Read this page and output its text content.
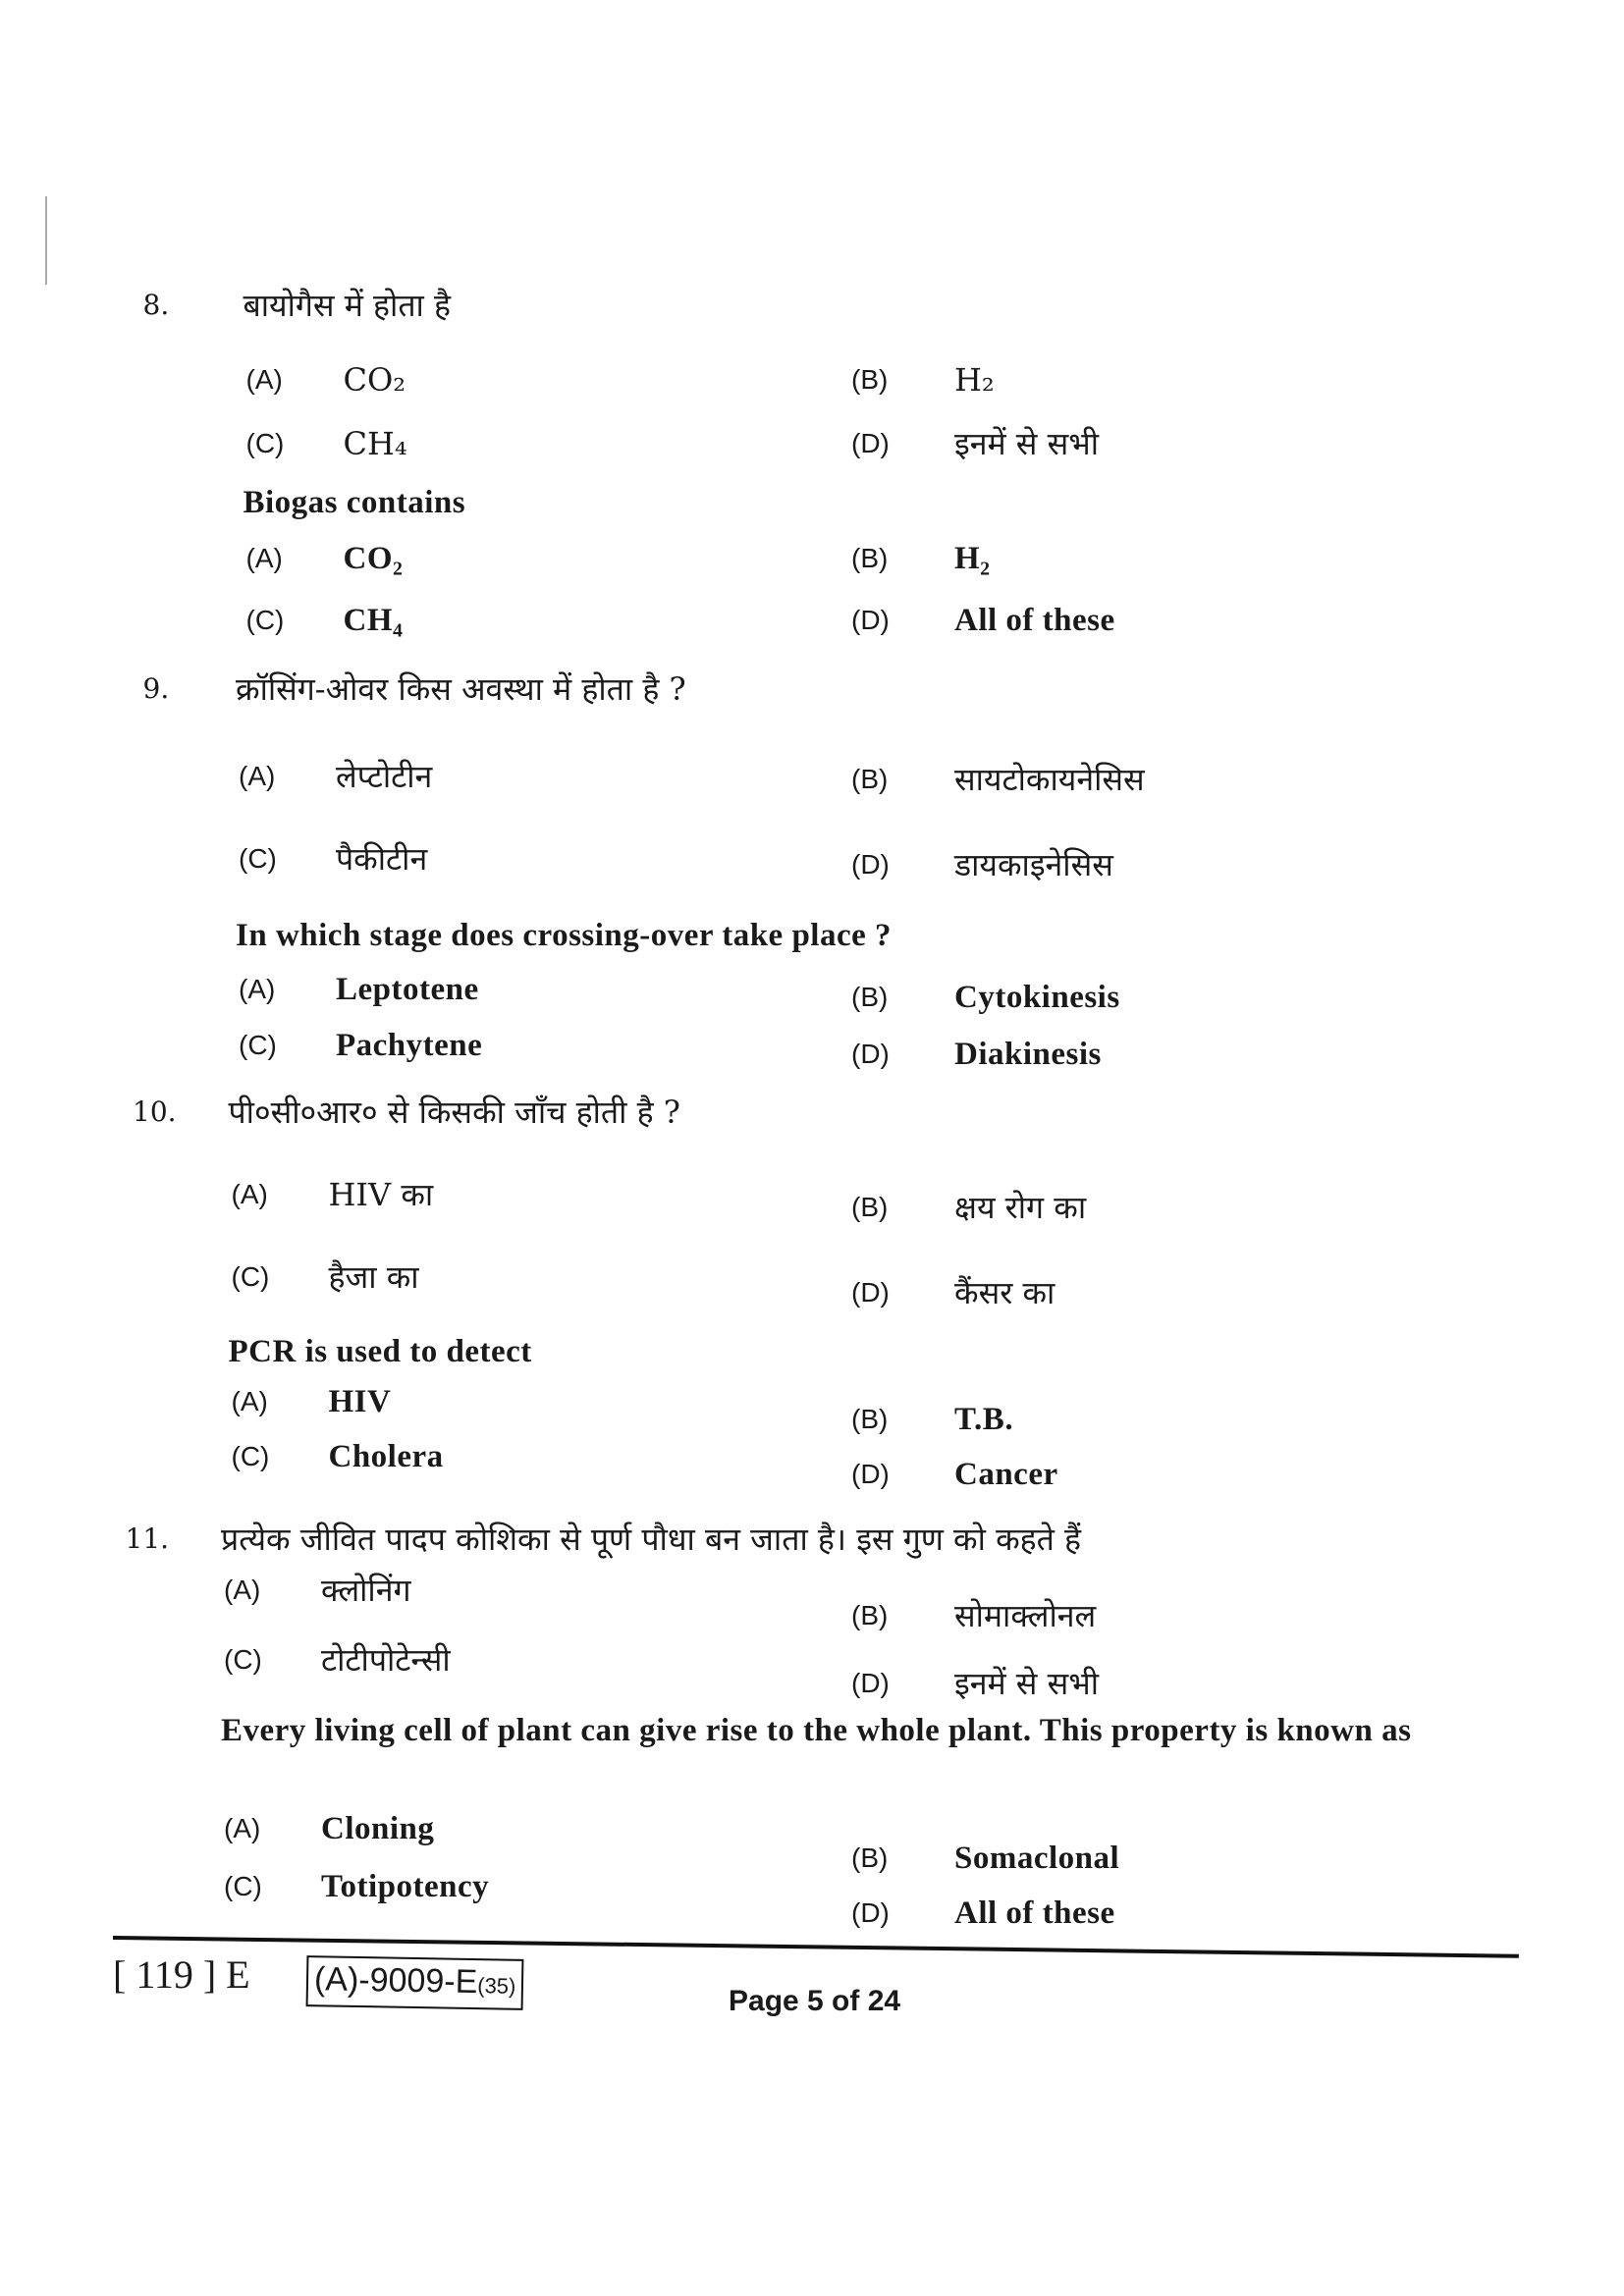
8. बायोगैस में होता है
(A) CO₂	(B) H₂
(C) CH₄	(D) इनमें से सभी
(A) CO₂	(B) H₂
(C) CH₄	(D) All of these
Biogas contains
9. क्रॉसिंग-ओवर किस अवस्था में होता है ?
(A) लेप्टोटीन	(B) सायटोकायनेसिस
(C) पैकीटीन	(D) डायकाइनेसिस
(A) Leptotene	(B) Cytokinesis
(C) Pachytene	(D) Diakinesis
In which stage does crossing-over take place ?
10. पी०सी०आर० से किसकी जाँच होती है ?
(A) HIV का	(B) क्षय रोग का
(C) हैजा का	(D) कैंसर का
(A) HIV	(B) T.B.
(C) Cholera	(D) Cancer
PCR is used to detect
11. प्रत्येक जीवित पादप कोशिका से पूर्ण पौधा बन जाता है। इस गुण को कहते हैं
(A) क्लोनिंग
(B) सोमाक्लोनल
(C) टोटीपोटेन्सी
(D) इनमें से सभी
(A) Cloning
(B) Somaclonal
(C) Totipotency
(D) All of these
Every living cell of plant can give rise to the whole plant. This property is known as
[ 119 ] E (A)-9009-E(35)	Page 5 of 24
